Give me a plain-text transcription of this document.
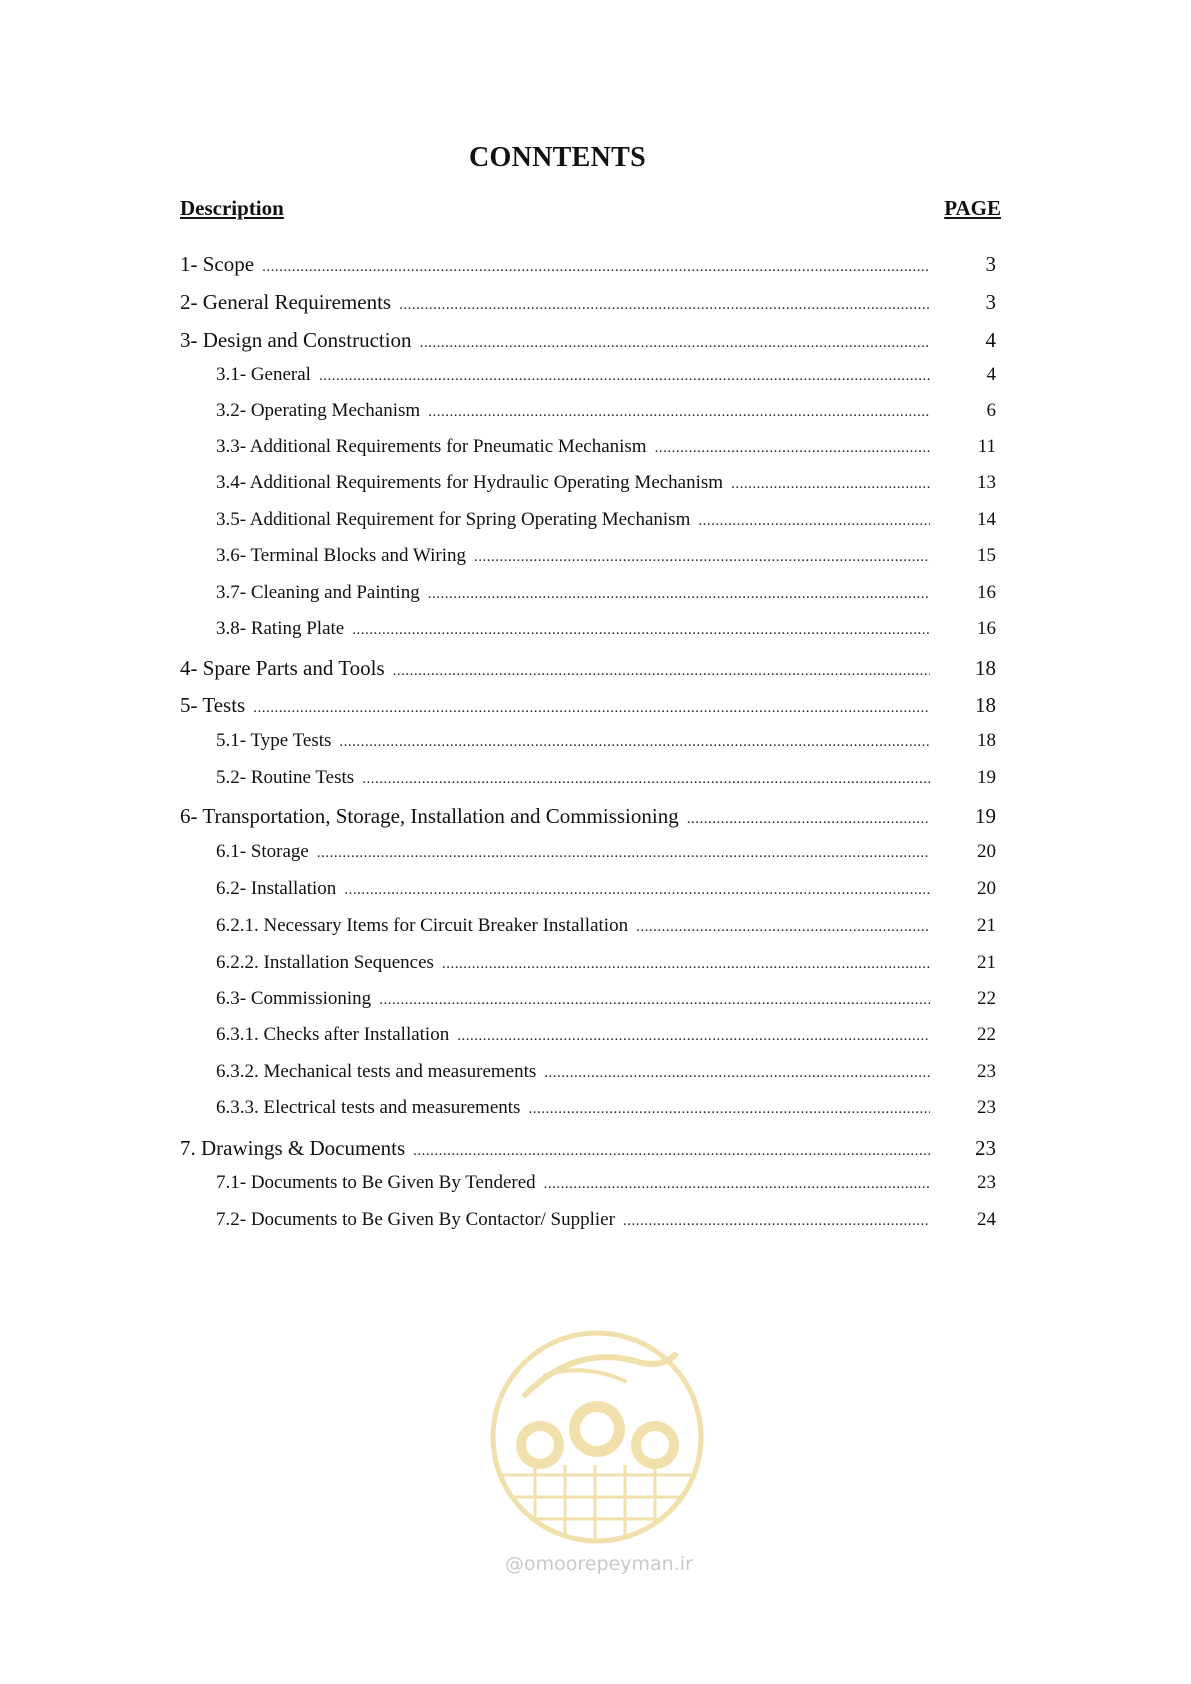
CONNTENTS
Description	PAGE
1- Scope .....	3
2- General Requirements .....	3
3- Design and Construction .....	4
3.1- General .....	4
3.2- Operating Mechanism .....	6
3.3- Additional Requirements for Pneumatic Mechanism .....	11
3.4- Additional Requirements for Hydraulic Operating Mechanism .....	13
3.5- Additional Requirement for Spring Operating Mechanism .....	14
3.6- Terminal Blocks and Wiring .....	15
3.7- Cleaning and Painting .....	16
3.8- Rating Plate .....	16
4- Spare Parts and Tools .....	18
5- Tests .....	18
5.1- Type Tests .....	18
5.2- Routine Tests .....	19
6- Transportation, Storage, Installation and Commissioning .....	19
6.1- Storage .....	20
6.2- Installation .....	20
6.2.1. Necessary Items for Circuit Breaker Installation .....	21
6.2.2. Installation Sequences .....	21
6.3- Commissioning .....	22
6.3.1. Checks after Installation .....	22
6.3.2. Mechanical tests and measurements .....	23
6.3.3. Electrical tests and measurements .....	23
7. Drawings & Documents .....	23
7.1- Documents to Be Given By Tendered .....	23
7.2- Documents to Be Given By Contactor/ Supplier .....	24
@omoorepeyman.ir
